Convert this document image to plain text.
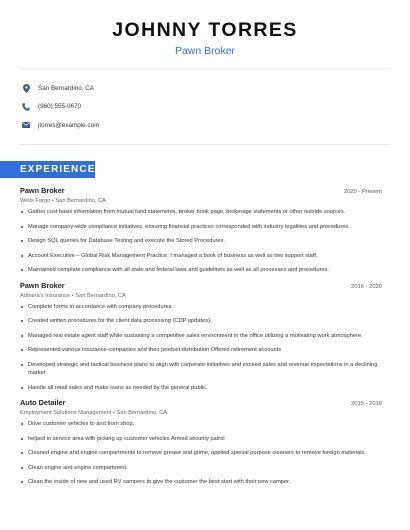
JOHNNY TORRES
Pawn Broker
San Bernardino, CA
(960) 555-0670
jtorres@example.com
EXPERIENCE
Pawn Broker	2020 - Present
Wells Fargo • San Bernardino, CA
Gather cost basis information from mutual fund statements, broker book page, brokerage statements or other outside sources.
Manage company-wide compliance initiatives, ensuring financial practices corresponded with industry legalities and procedures.
Design SQL queries for Database Testing and execute the Stored Procedures.
Account Executive – Global Risk Management Practice; I managed a book of business as well as two support staff.
Maintained complete compliance with all state and federal laws and guidelines as well as all processes and procedures.
Pawn Broker	2016 - 2020
Adriana's Insurance • San Bernardino, CA
Complete forms in accordance with company procedures.
Created written procedures for the client data processing (CDP updates).
Managed real estate agent staff while sustaining a competitive sales environment in the office utilizing a motivating work atmosphere.
Represented various insurance companies and their product distribution Offered retirement accounts
Developed strategic and tactical business plans to align with corporate initiatives and exceed sales and revenue expectations in a declining market.
Handle all retail sales and make loans as needed by the general public.
Auto Detailer	2015 - 2016
Employment Solutions Management • San Bernardino, CA
Drive customer vehicles to and from shop.
helped in service area with picking up customer vehicles Armed security patrol
Cleaned engine and engine compartments to remove grease and grime, applied special purpose cleaners to remove foreign materials.
Clean engine and engine compartment.
Clean the inside of new and used RV campers to give the customer the best start with their new camper.
